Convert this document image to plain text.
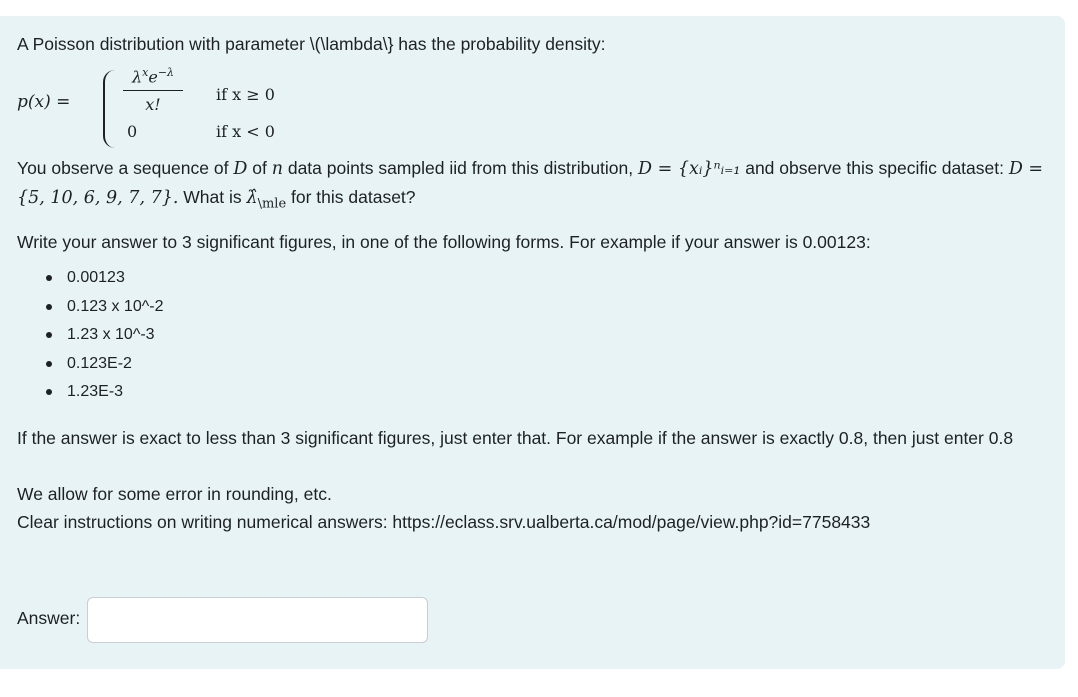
A Poisson distribution with parameter \(\lambda\} has the probability density:
p(x) =
$\lambda^xe^{-\lambda}$
x!
0
if x ≥ 0
if x < 0
You observe a sequence of D of n data points sampled iid from this distribution, D = {xᵢ}ⁿᵢ₌₁ and observe this specific dataset: D = {5, 10, 6, 9, 7, 7}. What is $\lambdâ_{\backslash mle}$ for this dataset?
Write your answer to 3 significant figures, in one of the following forms. For example if your answer is 0.00123:
0.00123
0.123 x 10^-2
1.23 x 10^-3
0.123E-2
1.23E-3
If the answer is exact to less than 3 significant figures, just enter that. For example if the answer is exactly 0.8, then just enter 0.8
We allow for some error in rounding, etc.
Clear instructions on writing numerical answers: https://eclass.srv.ualberta.ca/mod/page/view.php?id=7758433
Answer:
